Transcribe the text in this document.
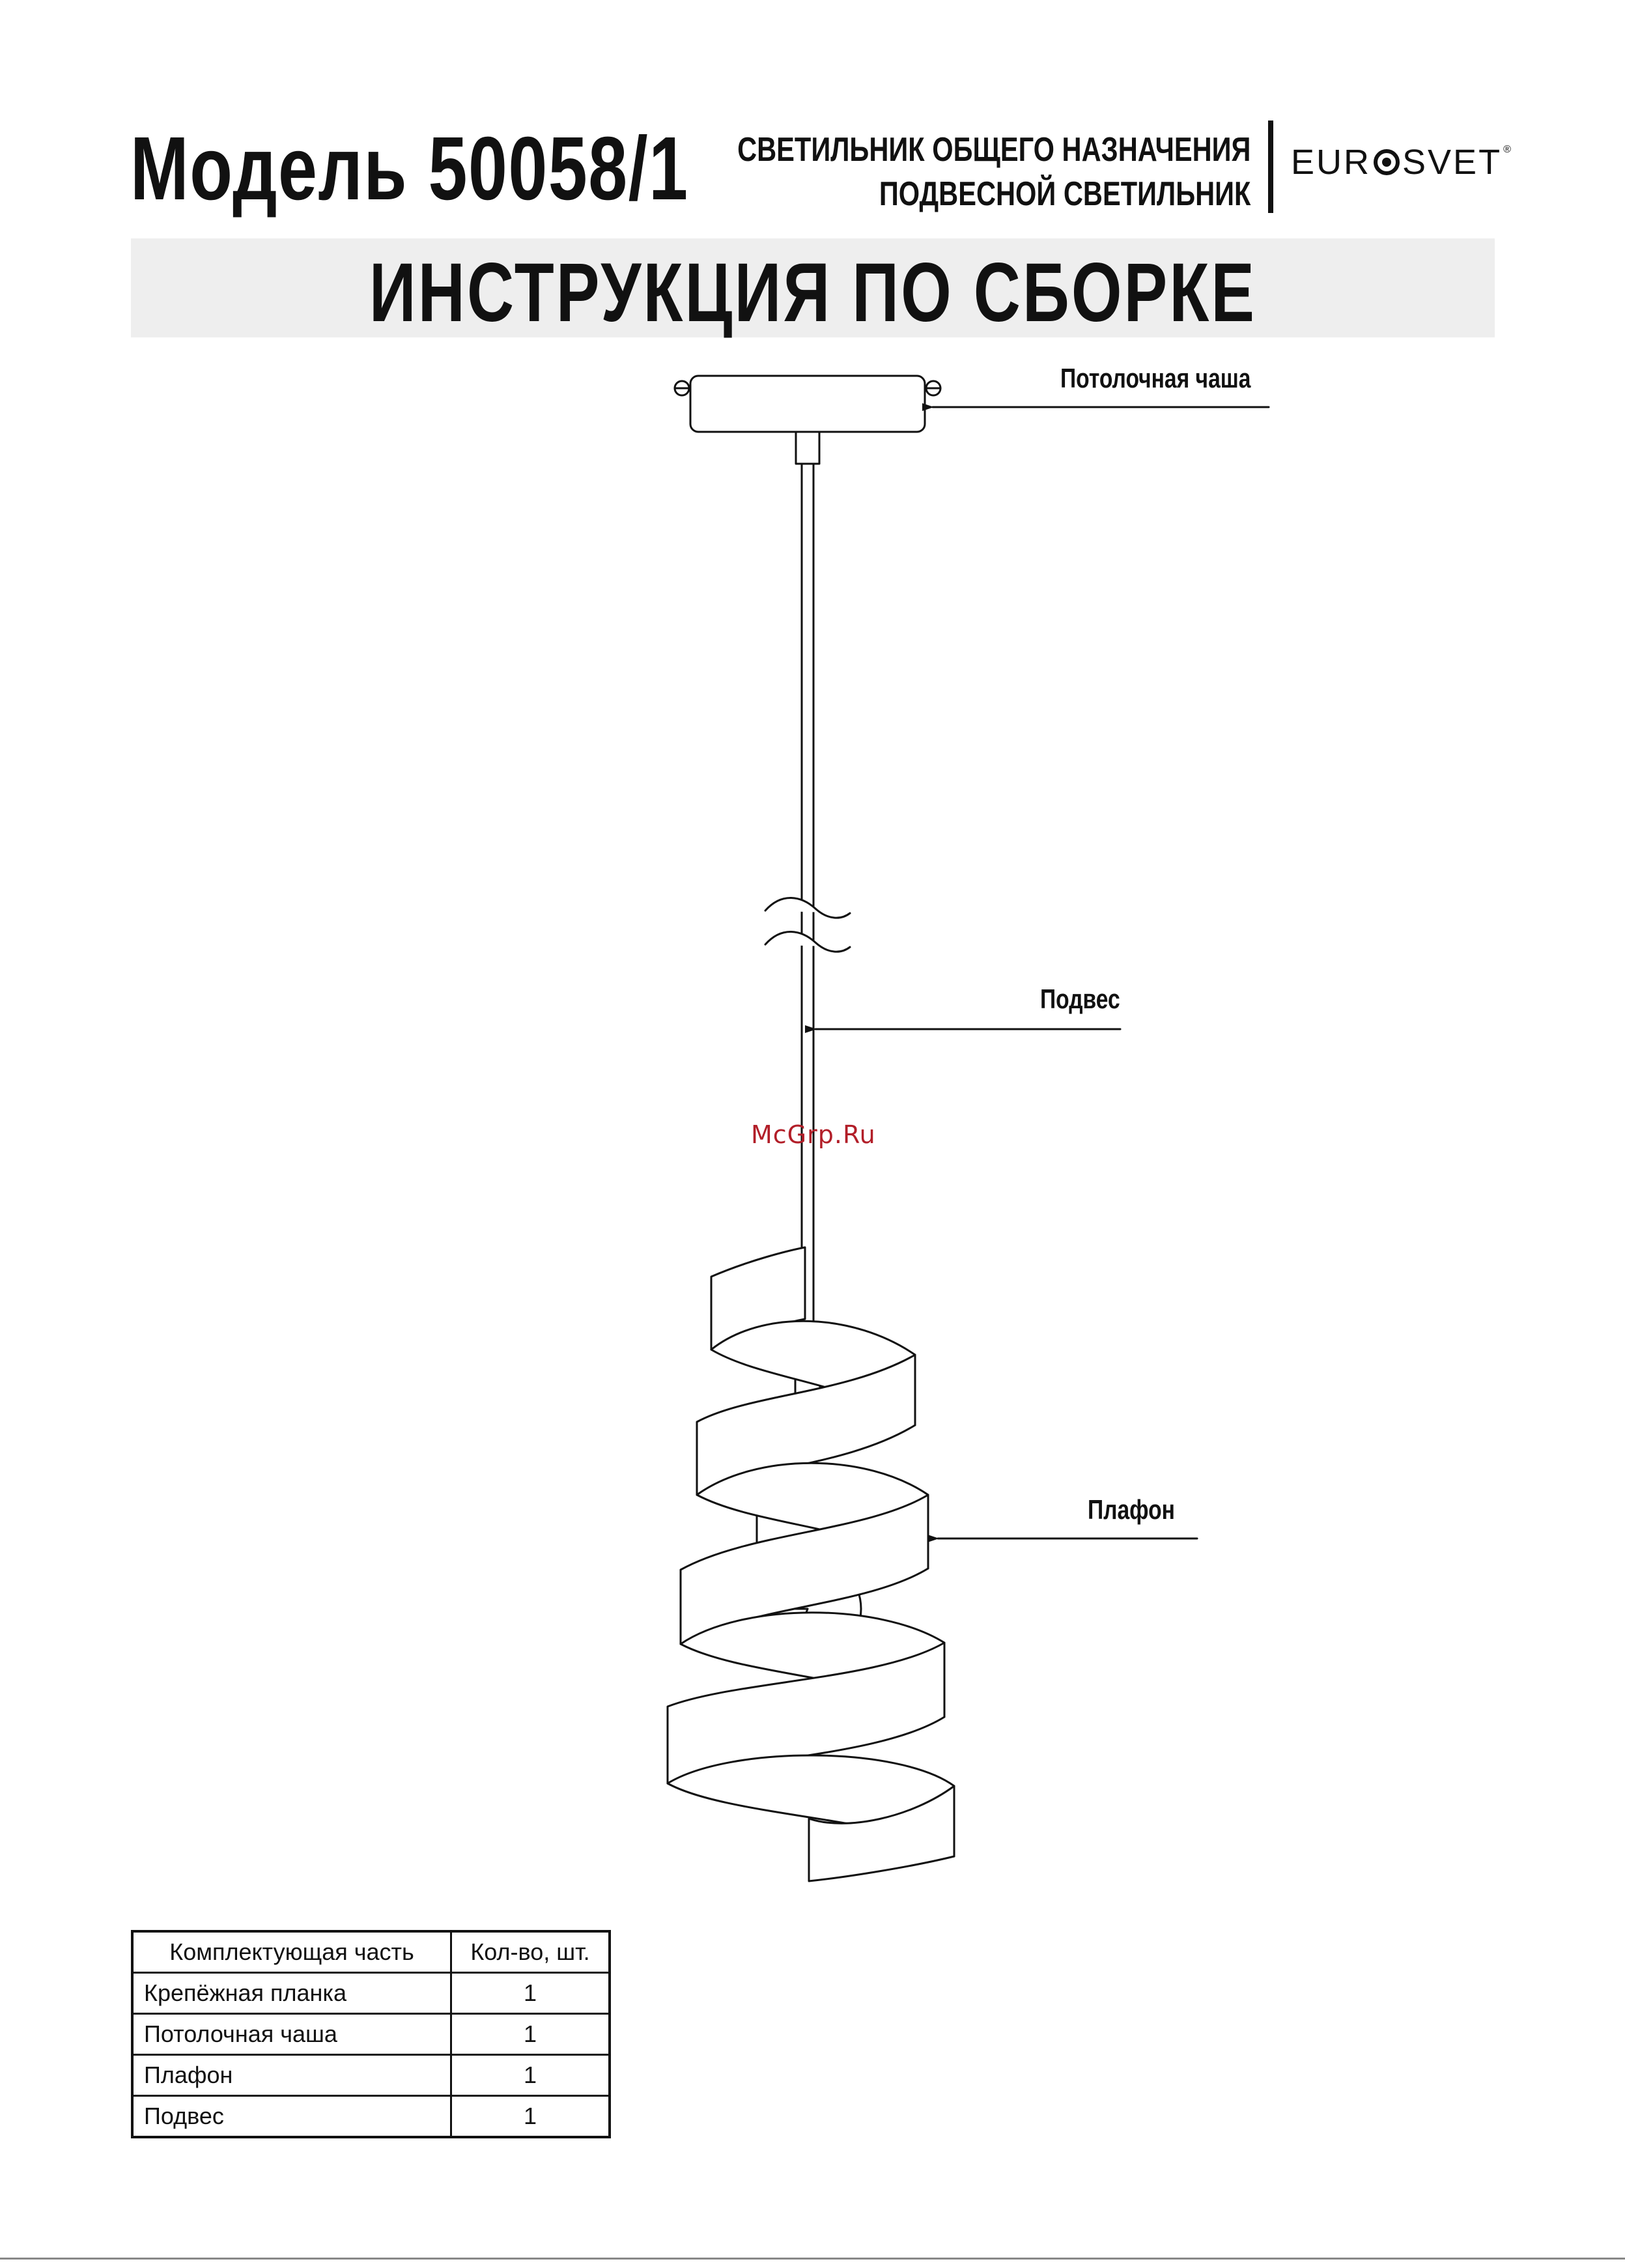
Модель 50058/1 СВЕТИЛЬНИК ОБЩЕГО НАЗНАЧЕНИЯ
ПОДВЕСНОЙ СВЕТИЛЬНИК
EUR SVET ®
ИНСТРУКЦИЯ ПО СБОРКЕ
Потолочная чаша
Подвес
Плафон
McGrp.Ru
Комплектующая часть	Кол-во, шт.
Крепёжная планка	1
Потолочная чаша	1
Плафон	1
Подвес	1
